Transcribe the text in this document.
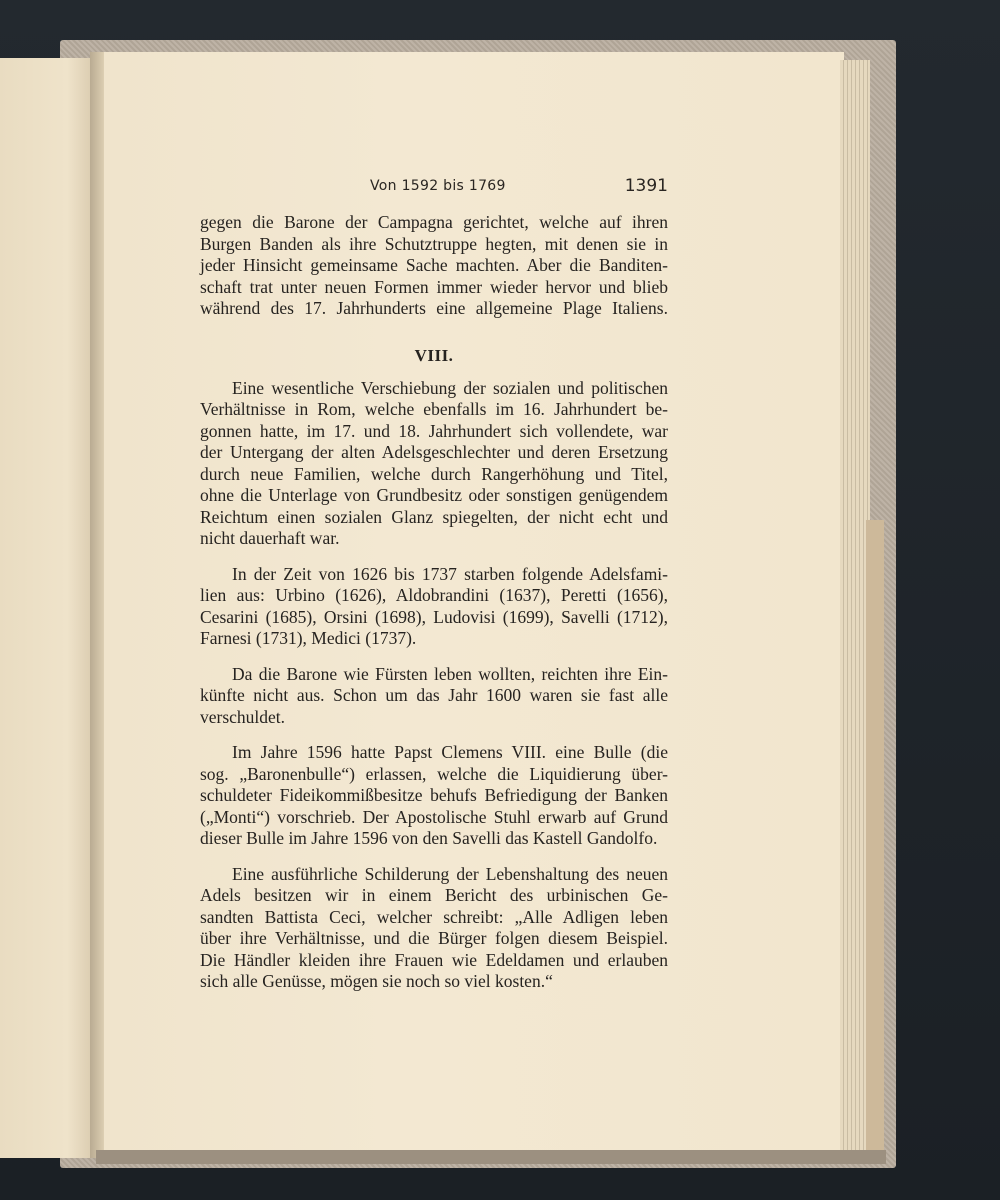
Von 1592 bis 1769	1391
gegen die Barone der Campagna gerichtet, welche auf ihren
Burgen Banden als ihre Schutztruppe hegten, mit denen sie in
jeder Hinsicht gemeinsame Sache machten. Aber die Banditen-
schaft trat unter neuen Formen immer wieder hervor und blieb
während des 17. Jahrhunderts eine allgemeine Plage Italiens.
VIII.
Eine wesentliche Verschiebung der sozialen und politischen
Verhältnisse in Rom, welche ebenfalls im 16. Jahrhundert be-
gonnen hatte, im 17. und 18. Jahrhundert sich vollendete, war
der Untergang der alten Adelsgeschlechter und deren Ersetzung
durch neue Familien, welche durch Rangerhöhung und Titel,
ohne die Unterlage von Grundbesitz oder sonstigen genügendem
Reichtum einen sozialen Glanz spiegelten, der nicht echt und
nicht dauerhaft war.
In der Zeit von 1626 bis 1737 starben folgende Adelsfami-
lien aus: Urbino (1626), Aldobrandini (1637), Peretti (1656),
Cesarini (1685), Orsini (1698), Ludovisi (1699), Savelli (1712),
Farnesi (1731), Medici (1737).
Da die Barone wie Fürsten leben wollten, reichten ihre Ein-
künfte nicht aus. Schon um das Jahr 1600 waren sie fast alle
verschuldet.
Im Jahre 1596 hatte Papst Clemens VIII. eine Bulle (die
sog. „Baronenbulle“) erlassen, welche die Liquidierung über-
schuldeter Fideikommißbesitze behufs Befriedigung der Banken
(„Monti“) vorschrieb. Der Apostolische Stuhl erwarb auf Grund
dieser Bulle im Jahre 1596 von den Savelli das Kastell Gandolfo.
Eine ausführliche Schilderung der Lebenshaltung des neuen
Adels besitzen wir in einem Bericht des urbinischen Ge-
sandten Battista Ceci, welcher schreibt: „Alle Adligen leben
über ihre Verhältnisse, und die Bürger folgen diesem Beispiel.
Die Händler kleiden ihre Frauen wie Edeldamen und erlauben
sich alle Genüsse, mögen sie noch so viel kosten.“
